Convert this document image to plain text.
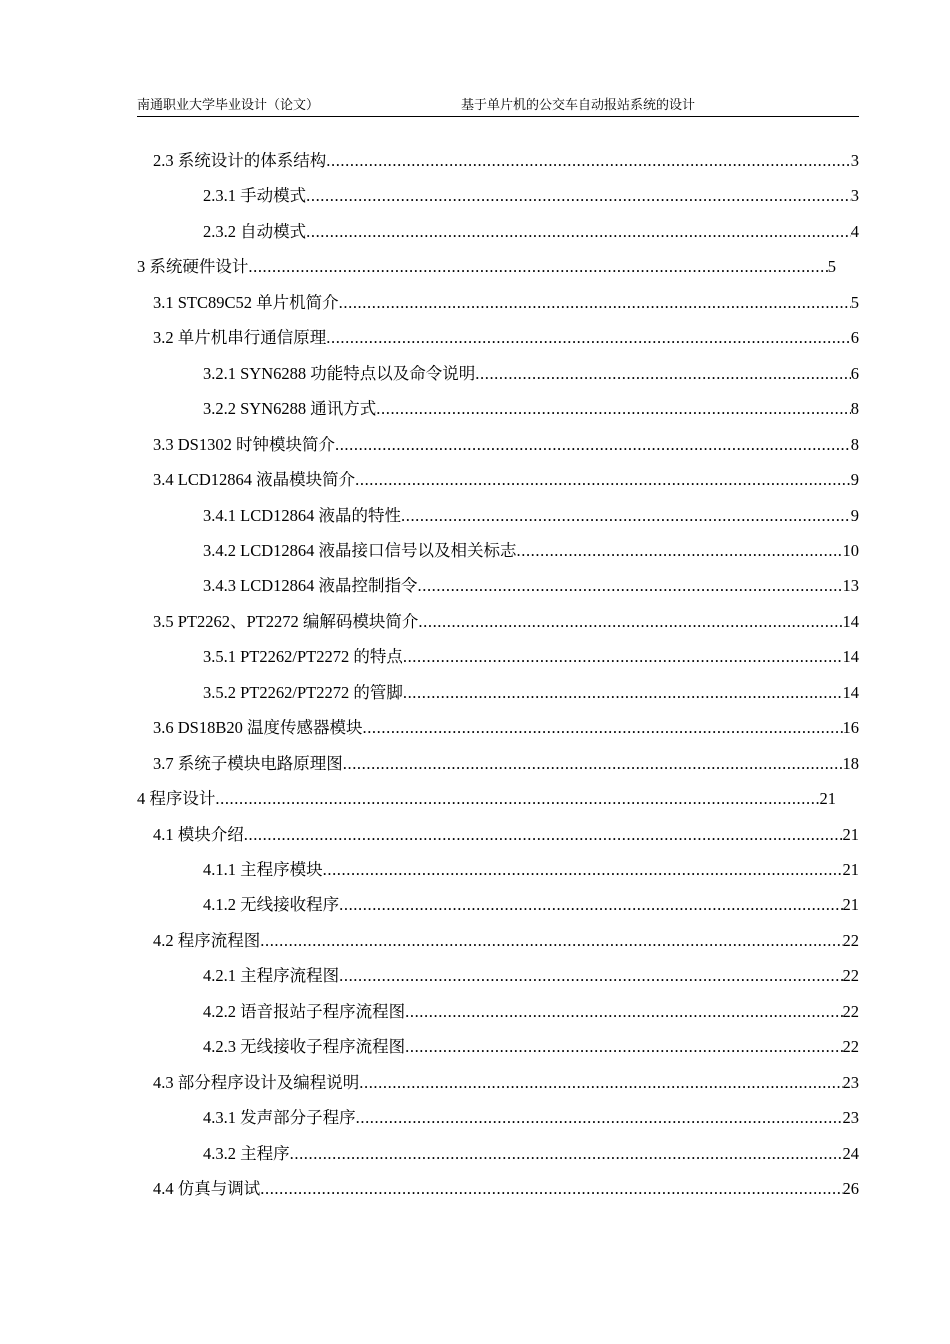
南通职业大学毕业设计（论文）	基于单片机的公交车自动报站系统的设计
2.3 系统设计的体系结构 .....	3
2.3.1 手动模式 .....	3
2.3.2 自动模式 .....	4
3 系统硬件设计 .....	5
3.1 STC89C52 单片机简介 .....	5
3.2 单片机串行通信原理 .....	6
3.2.1 SYN6288 功能特点以及命令说明 .....	6
3.2.2 SYN6288 通讯方式 .....	8
3.3 DS1302 时钟模块简介 .....	8
3.4 LCD12864 液晶模块简介 .....	9
3.4.1 LCD12864 液晶的特性 .....	9
3.4.2 LCD12864 液晶接口信号以及相关标志 .....	10
3.4.3 LCD12864 液晶控制指令 .....	13
3.5 PT2262、PT2272 编解码模块简介 .....	14
3.5.1 PT2262/PT2272 的特点 .....	14
3.5.2 PT2262/PT2272 的管脚 .....	14
3.6 DS18B20 温度传感器模块 .....	16
3.7 系统子模块电路原理图 .....	18
4 程序设计 .....	21
4.1 模块介绍 .....	21
4.1.1 主程序模块 .....	21
4.1.2 无线接收程序 .....	21
4.2 程序流程图 .....	22
4.2.1 主程序流程图 .....	22
4.2.2 语音报站子程序流程图 .....	22
4.2.3 无线接收子程序流程图 .....	22
4.3 部分程序设计及编程说明 .....	23
4.3.1 发声部分子程序 .....	23
4.3.2 主程序 .....	24
4.4 仿真与调试 .....	26
